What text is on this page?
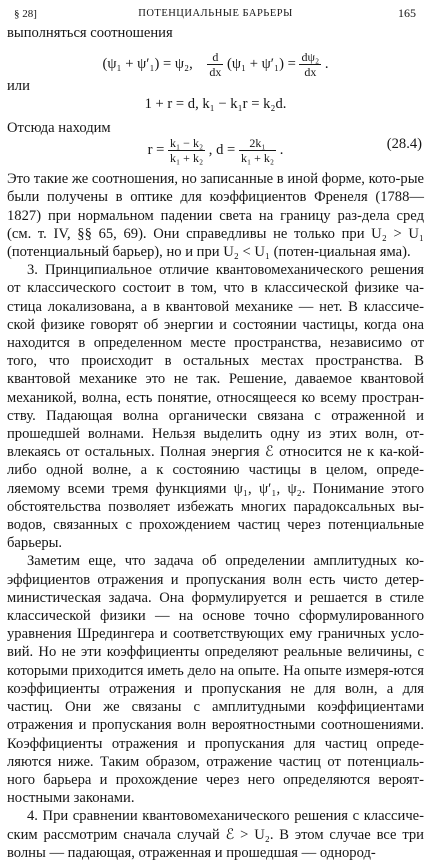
§ 28]	ПОТЕНЦИАЛЬНЫЕ БАРЬЕРЫ	165

выполняться соотношения

(ψ₁ + ψ′₁) = ψ₂, $\frac{d}{dx} (\psi_1 + \psi'_1) = \frac{\text{dψ₂}}{dx}$ .
или
1 + r = d, k₁ − k₁r = k₂d.
Отсюда находим
$r = \frac{\text{k₁ − k₂}}{\text{k₁ + k₂}}$ , $d = \frac{\text{2k₁}}{\text{k₁ + k₂}}$ .	(28.4)

Это такие же соотношения, но записанные в иной форме, кото-рые были получены в оптике для коэффициентов Френеля (1788—1827) при нормальном падении света на границу раз-дела сред (см. т. IV, §§ 65, 69). Они справедливы не только при U₂ > U₁ (потенциальный барьер), но и при U₂ < U₁ (потен-циальная яма).

3. Принципиальное отличие квантовомеханического решения от классического состоит в том, что в классической физике ча-стица локализована, а в квантовой механике — нет. В классиче-ской физике говорят об энергии и состоянии частицы, когда она находится в определенном месте пространства, независимо от того, что происходит в остальных местах пространства. В квантовой механике это не так. Решение, даваемое квантовой механикой, волна, есть понятие, относящееся ко всему простран-ству. Падающая волна органически связана с отраженной и прошедшей волнами. Нельзя выделить одну из этих волн, от-влекаясь от остальных. Полная энергия ℰ относится не к ка-кой-либо одной волне, а к состоянию частицы в целом, опреде-ляемому всеми тремя функциями ψ₁, ψ′₁, ψ₂. Понимание этого обстоятельства позволяет избежать многих парадоксальных вы-водов, связанных с прохождением частиц через потенциальные барьеры.

Заметим еще, что задача об определении амплитудных ко-эффициентов отражения и пропускания волн есть чисто детер-министическая задача. Она формулируется и решается в стиле классической физики — на основе точно сформулированного уравнения Шредингера и соответствующих ему граничных усло-вий. Но не эти коэффициенты определяют реальные величины, с которыми приходится иметь дело на опыте. На опыте измеря-ются коэффициенты отражения и пропускания не для волн, а для частиц. Они же связаны с амплитудными коэффициентами отражения и пропускания волн вероятностными соотношениями. Коэффициенты отражения и пропускания для частиц опреде-ляются ниже. Таким образом, отражение частиц от потенциаль-ного барьера и прохождение через него определяются вероят-ностными законами.

4. При сравнении квантовомеханического решения с классиче-ским рассмотрим сначала случай ℰ > U₂. В этом случае все три волны — падающая, отраженная и прошедшая — однород-
